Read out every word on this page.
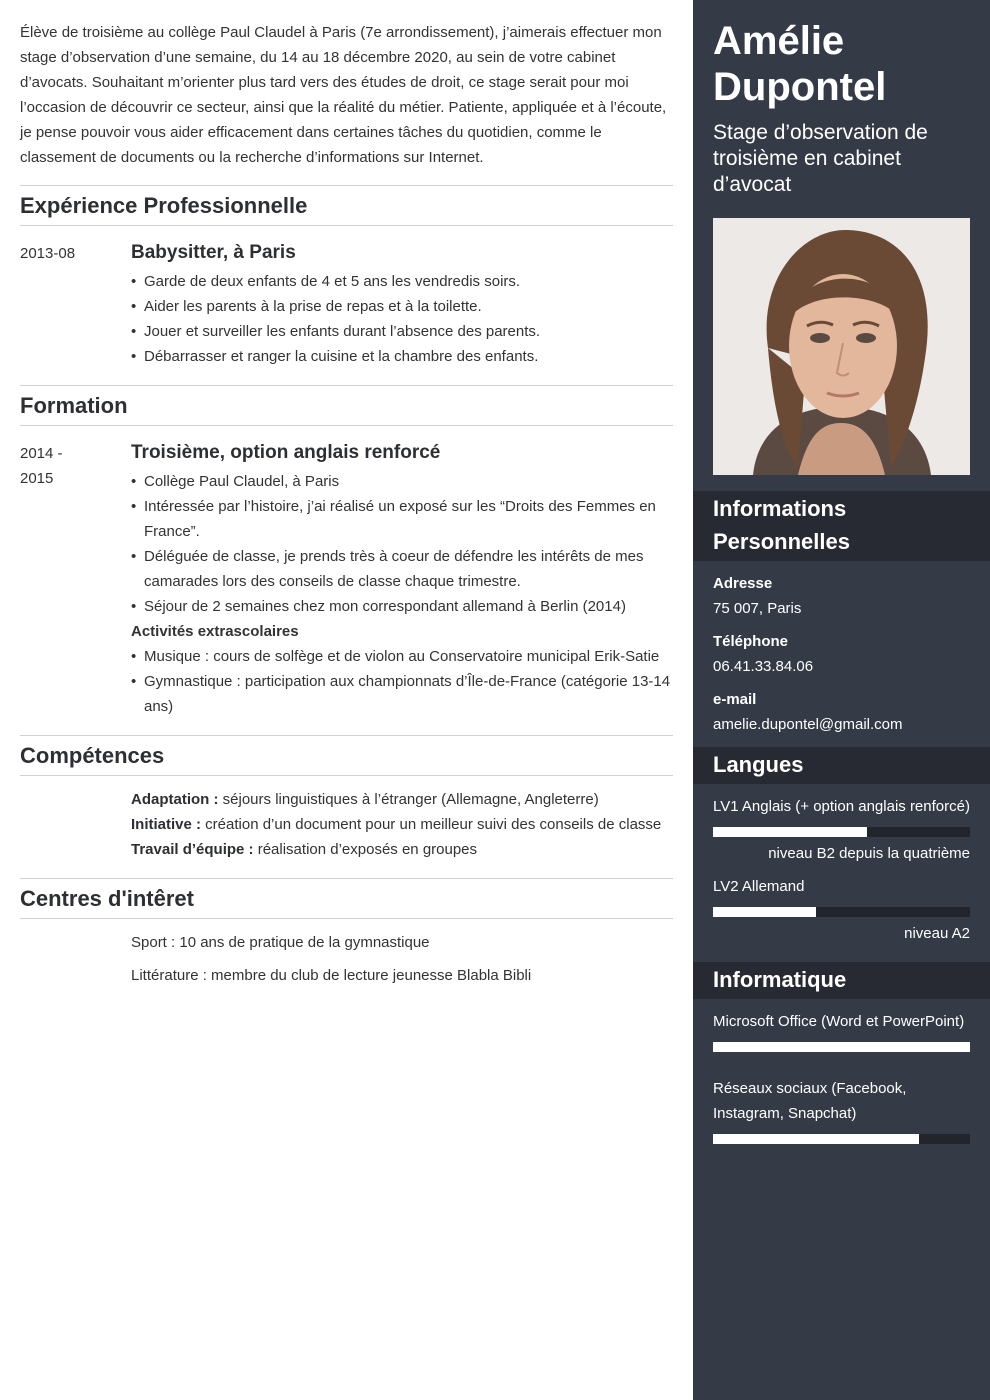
Élève de troisième au collège Paul Claudel à Paris (7e arrondissement), j’aimerais effectuer mon stage d’observation d’une semaine, du 14 au 18 décembre 2020, au sein de votre cabinet d’avocats. Souhaitant m’orienter plus tard vers des études de droit, ce stage serait pour moi l’occasion de découvrir ce secteur, ainsi que la réalité du métier. Patiente, appliquée et à l’écoute, je pense pouvoir vous aider efficacement dans certaines tâches du quotidien, comme le classement de documents ou la recherche d’informations sur Internet.

Expérience Professionnelle
2013-08	Babysitter, à Paris
• Garde de deux enfants de 4 et 5 ans les vendredis soirs.
• Aider les parents à la prise de repas et à la toilette.
• Jouer et surveiller les enfants durant l’absence des parents.
• Débarrasser et ranger la cuisine et la chambre des enfants.
Formation
2014 - 2015
Troisième, option anglais renforcé
• Collège Paul Claudel, à Paris
• Intéressée par l’histoire, j’ai réalisé un exposé sur les “Droits des Femmes en France”.
• Déléguée de classe, je prends très à coeur de défendre les intérêts de mes camarades lors des conseils de classe chaque trimestre.
• Séjour de 2 semaines chez mon correspondant allemand à Berlin (2014)
Activités extrascolaires
• Musique : cours de solfège et de violon au Conservatoire municipal Erik-Satie
• Gymnastique : participation aux championnats d’Île-de-France (catégorie 13-14 ans)
Compétences
Adaptation : séjours linguistiques à l’étranger (Allemagne, Angleterre)
Initiative : création d’un document pour un meilleur suivi des conseils de classe
Travail d’équipe : réalisation d’exposés en groupes
Centres d'intêret
Sport : 10 ans de pratique de la gymnastique
Littérature : membre du club de lecture jeunesse Blabla Bibli
Amélie Dupontel
Stage d’observation de troisième en cabinet d’avocat
Informations Personnelles
Adresse
75 007, Paris
Téléphone
06.41.33.84.06
e-mail
amelie.dupontel@gmail.com
Langues
LV1 Anglais (+ option anglais renforcé)
niveau B2 depuis la quatrième
LV2 Allemand
niveau A2
Informatique
Microsoft Office (Word et PowerPoint)
Réseaux sociaux (Facebook, Instagram, Snapchat)
